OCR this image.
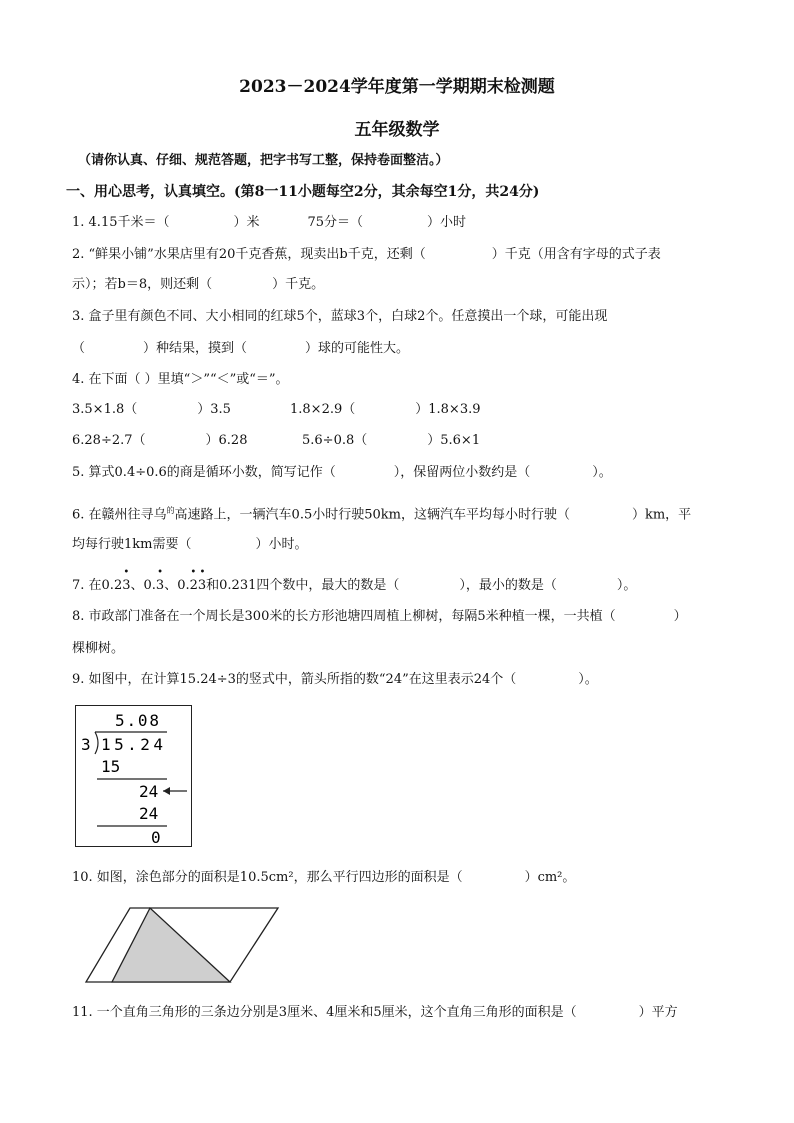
2023－2024学年度第一学期期末检测题
五年级数学
（请你认真、仔细、规范答题，把字书写工整，保持卷面整洁。）
一、用心思考，认真填空。(第8一11小题每空2分，其余每空1分，共24分)
1. 4.15千米＝（	）米	75分＝（	）小时
2. “鲜果小铺”水果店里有20千克香蕉，现卖出b千克，还剩（	）千克（用含有字母的式子表
示）；若b＝8，则还剩（	）千克。
3. 盒子里有颜色不同、大小相同的红球5个，蓝球3个，白球2个。任意摸出一个球，可能出现
（	）种结果，摸到（	）球的可能性大。
4. 在下面（ ）里填“＞”“＜”或“＝”。
3.5×1.8（	）3.5	1.8×2.9（	）1.8×3.9
6.28÷2.7（	）6.28	5.6÷0.8（	）5.6×1
5. 算式0.4÷0.6的商是循环小数，简写记作（	），保留两位小数约是（	）。
6. 在赣州往寻乌$^的$高速路上，一辆汽车0.5小时行驶50km，这辆汽车平均每小时行驶（	）km，平
均每行驶1km需要（	）小时。
7. 在0.2
•
3、0.
•
3、0.
• •
23和0.231四个数中，最大的数是（	），最小的数是（	）。
8. 市政部门准备在一个周长是300米的长方形池塘四周植上柳树，每隔5米种植一棵，一共植（	）
棵柳树。
9. 如图中，在计算15.24÷3的竖式中，箭头所指的数“24”在这里表示24个（	）。
5.08
3 15.24
15
24
24
0
10. 如图，涂色部分的面积是10.5cm²，那么平行四边形的面积是（	）cm²。
11. 一个直角三角形的三条边分别是3厘米、4厘米和5厘米，这个直角三角形的面积是（	）平方
